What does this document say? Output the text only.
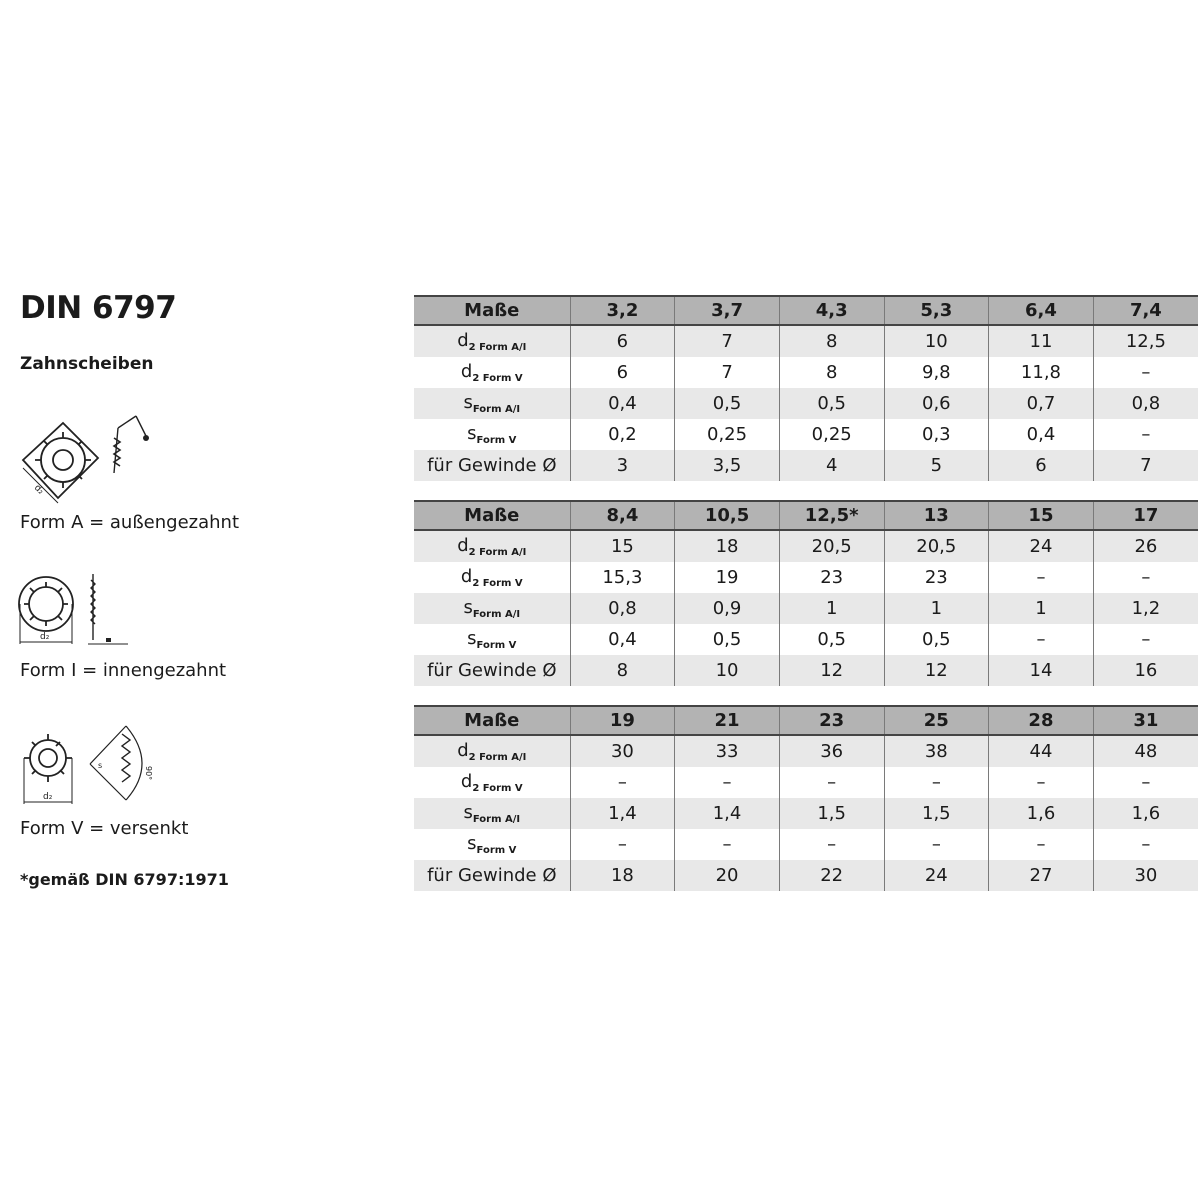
DIN 6797
Zahnscheiben
d₂
Form A = außengezahnt
d₂
Form I = innengezahnt
d₂
90°
s
Form V = versenkt
*gemäß DIN 6797:1971
Maße	3,2	3,7	4,3	5,3	6,4	7,4
$d_{2 Form A/I}$	6	7	8	10	11	12,5
$d_{2 Form V}$	6	7	8	9,8	11,8	–
$s_{Form A/I}$	0,4	0,5	0,5	0,6	0,7	0,8
$s_{Form V}$	0,2	0,25	0,25	0,3	0,4	–
für Gewinde Ø	3	3,5	4	5	6	7
Maße	8,4	10,5	12,5*	13	15	17
$d_{2 Form A/I}$	15	18	20,5	20,5	24	26
$d_{2 Form V}$	15,3	19	23	23	–	–
$s_{Form A/I}$	0,8	0,9	1	1	1	1,2
$s_{Form V}$	0,4	0,5	0,5	0,5	–	–
für Gewinde Ø	8	10	12	12	14	16
Maße	19	21	23	25	28	31
$d_{2 Form A/I}$	30	33	36	38	44	48
$d_{2 Form V}$	–	–	–	–	–	–
$s_{Form A/I}$	1,4	1,4	1,5	1,5	1,6	1,6
$s_{Form V}$	–	–	–	–	–	–
für Gewinde Ø	18	20	22	24	27	30
